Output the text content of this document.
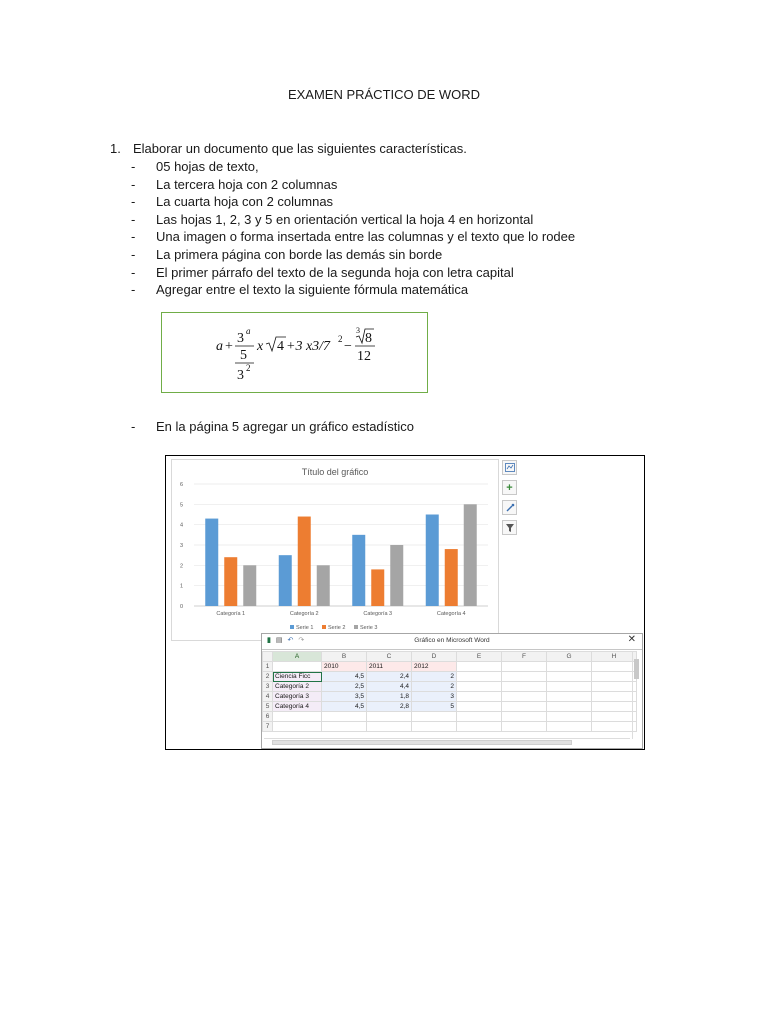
EXAMEN PRÁCTICO DE WORD
1. Elaborar un documento que las siguientes características.
- 05 hojas de texto,
- La tercera hoja con 2 columnas
- La cuarta hoja con 2 columnas
- Las hojas 1, 2, 3 y 5 en orientación vertical la hoja 4 en horizontal
- Una imagen o forma insertada entre las columnas y el texto que lo rodee
- La primera página con borde las demás sin borde
- El primer párrafo del texto de la segunda hoja con letra capital
- Agregar entre el texto la siguiente fórmula matemática
a +
3 a
5
3 2
x 4 +3 x3/7 2 −
3
8
12
- En la página 5 agregar un gráfico estadístico
Título del gráfico
0
1
2
3
4
5
6
Categoría 1	Categoría 2	Categoría 3	Categoría 4
Serie 1	Serie 2	Serie 3
+
▮ ▤ ↶ ↷	Gráfico en Microsoft Word	✕
	A	B	C	D	E	F	G	H
1		2010	2011	2012				
2	Ciencia Ficc	4,5	2,4	2				
3	Categoría 2	2,5	4,4	2				
4	Categoría 3	3,5	1,8	3				
5	Categoría 4	4,5	2,8	5				
6								
7								
